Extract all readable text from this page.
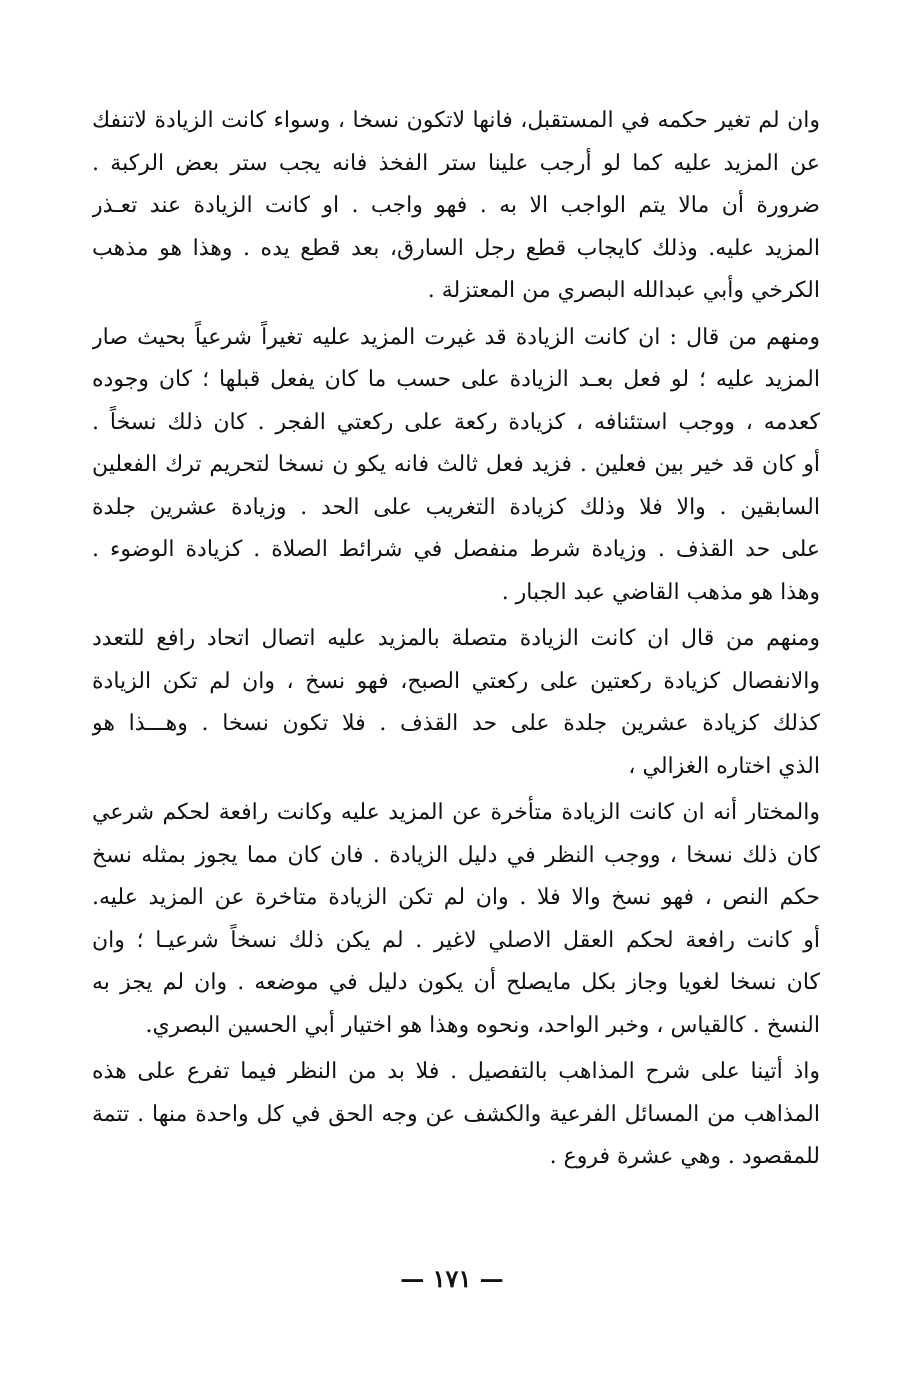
وان لم تغير حكمه في المستقبل، فانها لاتكون نسخا ، وسواء كانت الزيادة لاتنفك
عن المزيد عليه كما لو أرجب علينا ستر الفخذ فانه يجب ستر بعض الركبة .
ضرورة أن مالا يتم الواجب الا به . فهو واجب . او كانت الزيادة عند تعـذر
المزيد عليه. وذلك كايجاب قطع رجل السارق، بعد قطع يده . وهذا هو مذهب
الكرخي وأبي عبدالله البصري من المعتزلة .

ومنهم من قال : ان كانت الزيادة قد غيرت المزيد عليه تغيراً شرعياً بحيث صار
المزيد عليه ؛ لو فعل بعـد الزيادة على حسب ما كان يفعل قبلها ؛ كان وجوده
كعدمه ، ووجب استئنافه ، كزيادة ركعة على ركعتي الفجر . كان ذلك نسخاً .
أو كان قد خير بين فعلين . فزيد فعل ثالث فانه يكو ن نسخا لتحريم ترك الفعلين
السابقين . والا فلا وذلك كزيادة التغريب على الحد . وزيادة عشرين جلدة
على حد القذف . وزيادة شرط منفصل في شرائط الصلاة . كزيادة الوضوء .
وهذا هو مذهب القاضي عبد الجبار .

ومنهم من قال ان كانت الزيادة متصلة بالمزيد عليه اتصال اتحاد رافع للتعدد
والانفصال كزيادة ركعتين على ركعتي الصبح، فهو نسخ ، وان لم تكن الزيادة
كذلك كزيادة عشرين جلدة على حد القذف . فلا تكون نسخا . وهـــذا هو
الذي اختاره الغزالي ،

والمختار أنه ان كانت الزيادة متأخرة عن المزيد عليه وكانت رافعة لحكم شرعي
كان ذلك نسخا ، ووجب النظر في دليل الزيادة . فان كان مما يجوز بمثله نسخ
حكم النص ، فهو نسخ والا فلا . وان لم تكن الزيادة متاخرة عن المزيد عليه.
أو كانت رافعة لحكم العقل الاصلي لاغير . لم يكن ذلك نسخاً شرعيـا ؛ وان
كان نسخا لغويا وجاز بكل مايصلح أن يكون دليل في موضعه . وان لم يجز به
النسخ . كالقياس ، وخبر الواحد، ونحوه وهذا هو اختيار أبي الحسين البصري.

واذ أتينا على شرح المذاهب بالتفصيل . فلا بد من النظر فيما تفرع على هذه
المذاهب من المسائل الفرعية والكشف عن وجه الحق في كل واحدة منها . تتمة
للمقصود . وهي عشرة فروع .

— ١٧١ —
